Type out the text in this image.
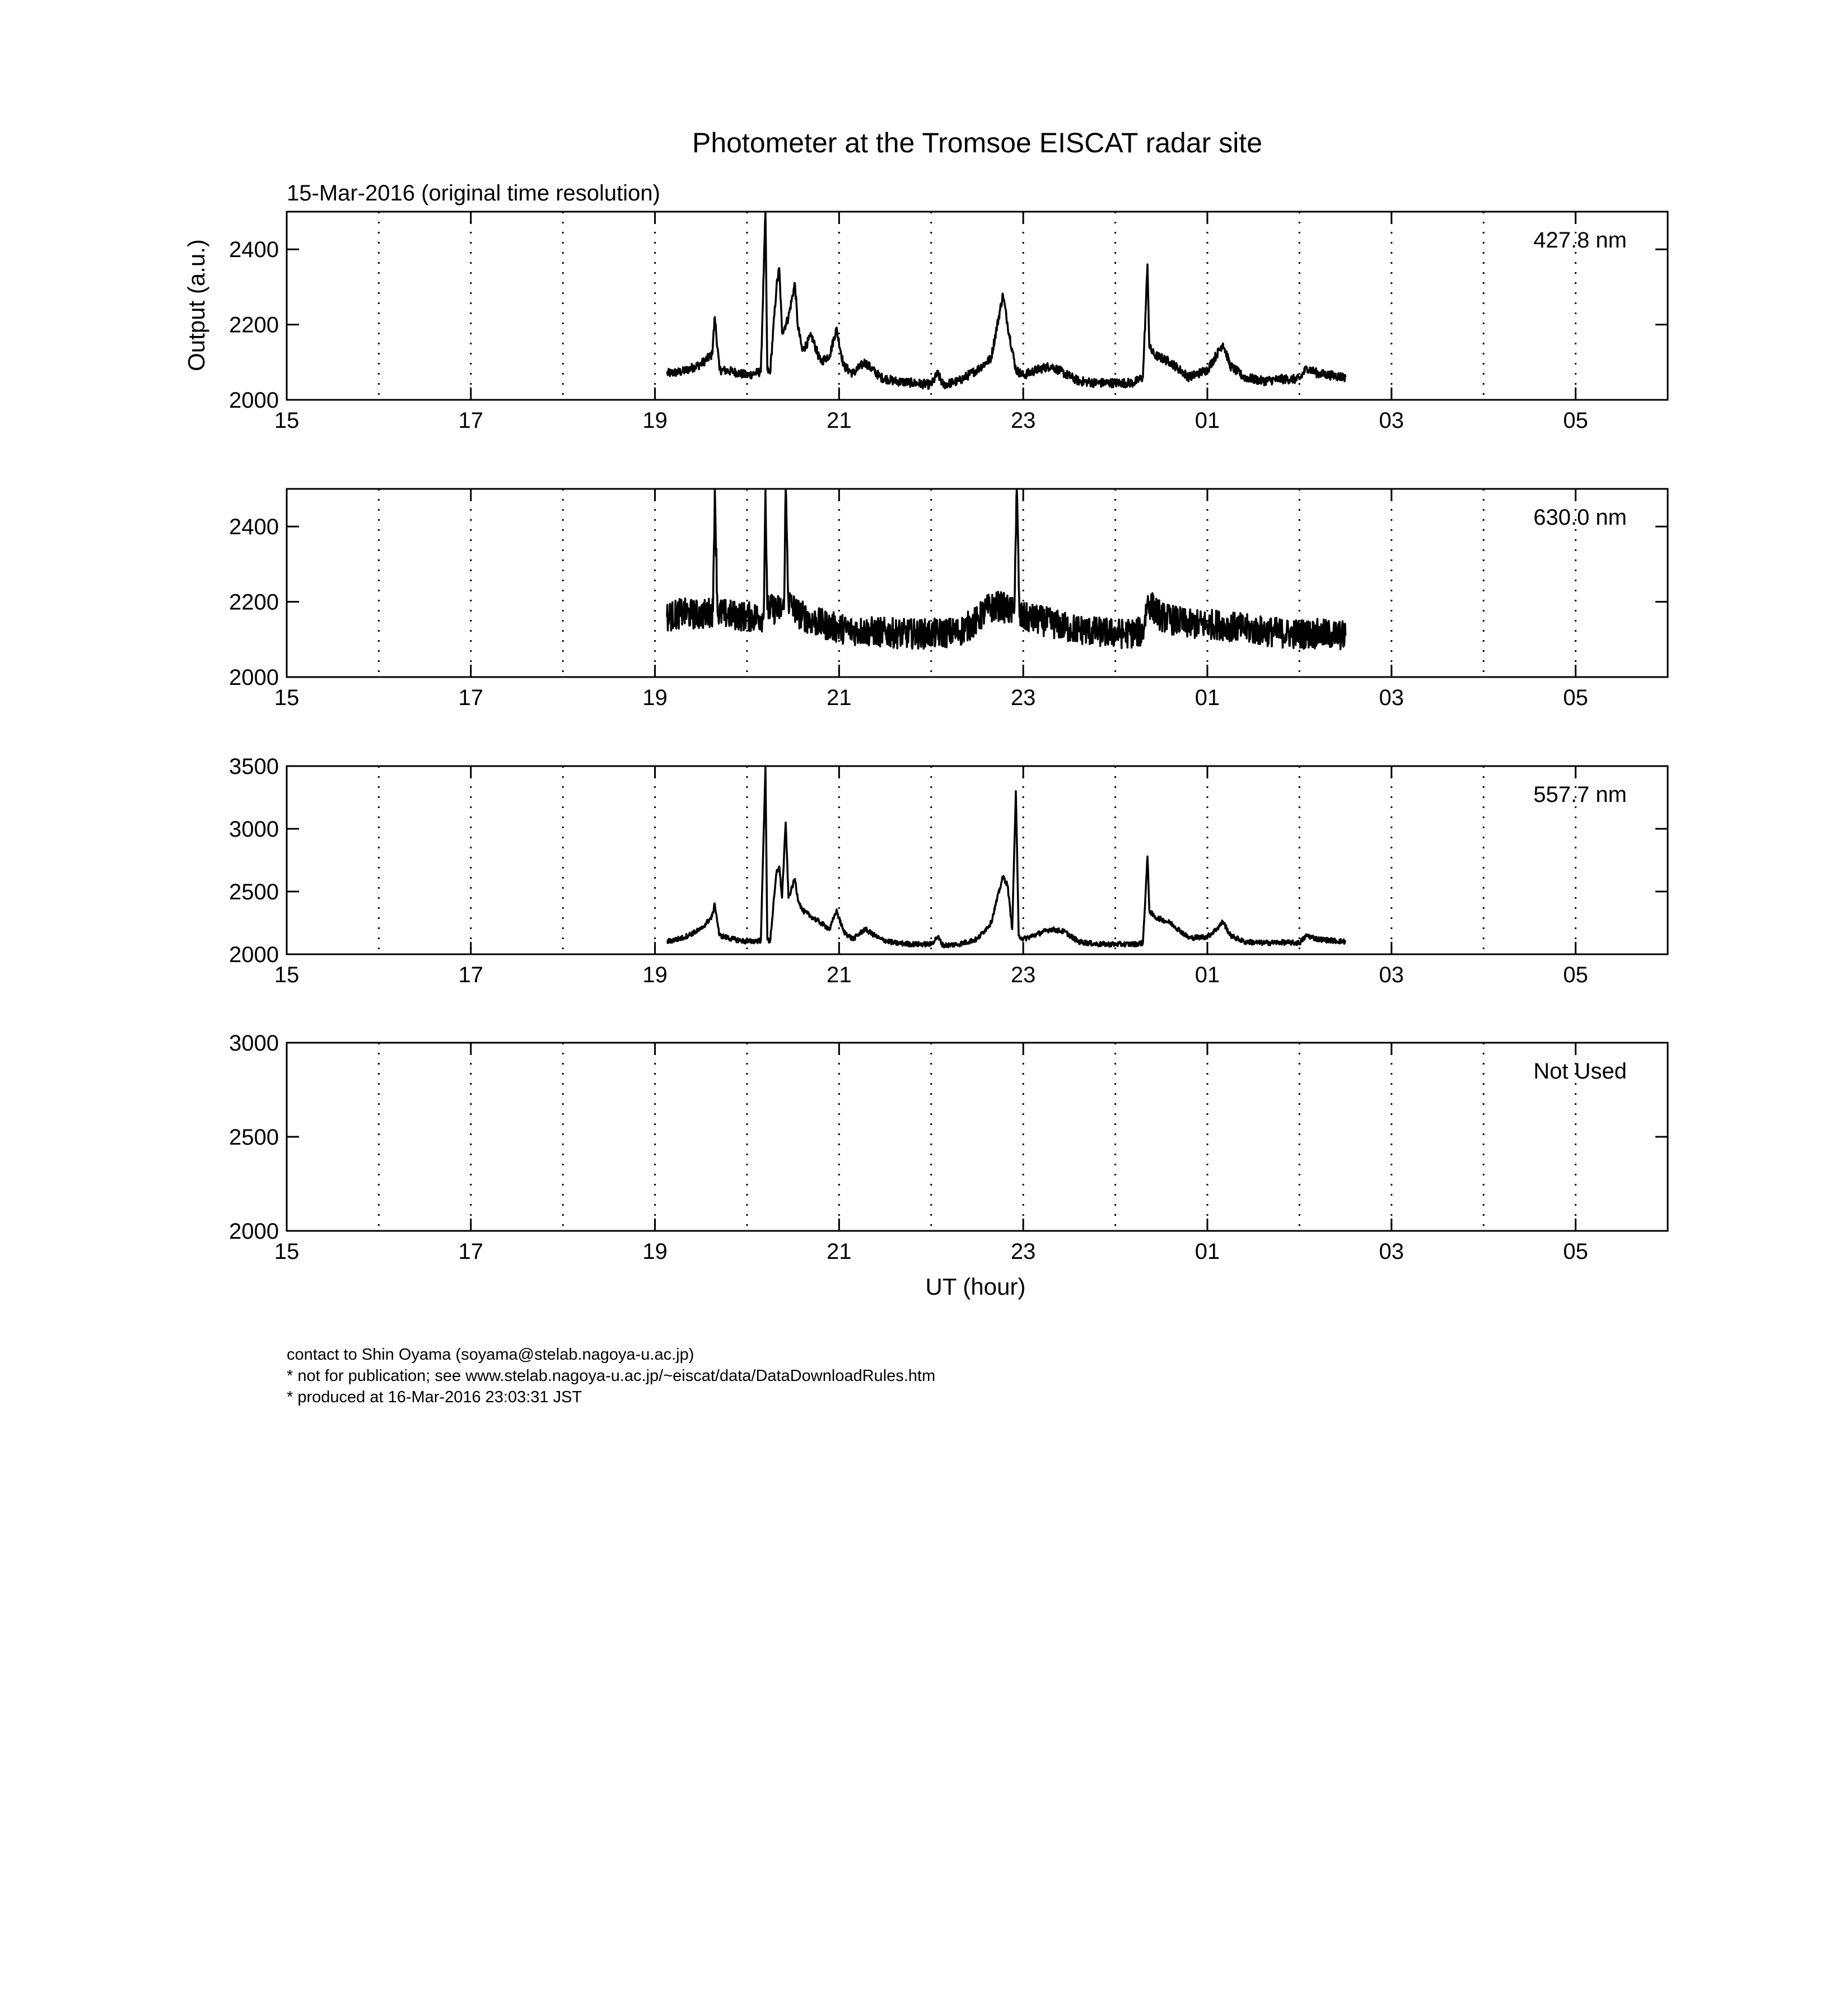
Photometer at the Tromsoe EISCAT radar site
15-Mar-2016 (original time resolution)
Output (a.u.)
UT (hour)
2000
2200
2400
15	17	19	21	23	01	03	05
427.8 nm
2000
2200
2400
15	17	19	21	23	01	03	05
630.0 nm
2000
2500
3000
3500
15	17	19	21	23	01	03	05
557.7 nm
2000
2500
3000
15	17	19	21	23	01	03	05
Not Used
contact to Shin Oyama (soyama@stelab.nagoya-u.ac.jp)
* not for publication; see www.stelab.nagoya-u.ac.jp/~eiscat/data/DataDownloadRules.htm
* produced at 16-Mar-2016 23:03:31 JST
